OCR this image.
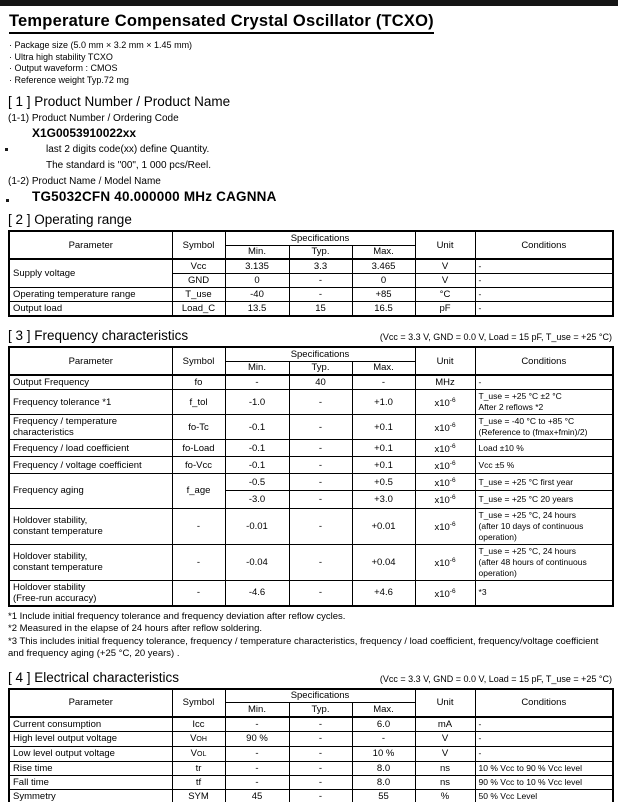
Temperature Compensated Crystal Oscillator (TCXO)
· Package size (5.0 mm × 3.2 mm × 1.45 mm)
· Ultra high stability TCXO
· Output waveform : CMOS
· Reference weight Typ.72 mg
[ 1 ] Product Number / Product Name
(1-1) Product Number / Ordering Code
X1G0053910022xx
last 2 digits code(xx) define Quantity.
The standard is "00", 1 000 pcs/Reel.
(1-2) Product Name / Model Name
TG5032CFN 40.000000 MHz CAGNNA
[ 2 ] Operating range
Parameter	Symbol	Specifications			Unit	Conditions
		Min.	Typ.	Max.		
Supply voltage	Vcc	3.135	3.3	3.465	V	-
	GND	0	-	0	V	-
Operating temperature range	T_use	-40	-	+85	°C	-
Output load	Load_C	13.5	15	16.5	pF	-
[ 3 ] Frequency characteristics	(Vcc = 3.3 V, GND = 0.0 V, Load = 15 pF, T_use = +25 °C)
Parameter	Symbol	Specifications			Unit	Conditions
		Min.	Typ.	Max.		
Output Frequency	fo	-	40	-	MHz	-
Frequency tolerance *1	f_tol	-1.0	-	+1.0	$x10^{-6}$	T_use = +25 °C ±2 °C
After 2 reflows *2

Frequency / temperature
characteristics	fo-Tc	-0.1	-	+0.1	$x10^{-6}$	T_use = -40 °C to +85 °C
(Reference to (fmax+fmin)/2)

Frequency / load coefficient	fo-Load	-0.1	-	+0.1	$x10^{-6}$	Load ±10 %
Frequency / voltage coefficient	fo-Vcc	-0.1	-	+0.1	$x10^{-6}$	Vcc ±5 %
Frequency aging	f_age	-0.5	-	+0.5	$x10^{-6}$	T_use = +25 °C first year
		-3.0	-	+3.0	$x10^{-6}$	T_use = +25 °C 20 years

Holdover stability,
constant temperature	-	-0.01	-	+0.01	$x10^{-6}$	
T_use = +25 °C, 24 hours
(after 10 days of continuous
operation)

Holdover stability,
constant temperature	-	-0.04	-	+0.04	$x10^{-6}$	
T_use = +25 °C, 24 hours
(after 48 hours of continuous
operation)

Holdover stability
(Free-run accuracy)	-	-4.6	-	+4.6	$x10^{-6}$	*3
*1 Include initial frequency tolerance and frequency deviation after reflow cycles.
*2 Measured in the elapse of 24 hours after reflow soldering.
*3 This includes initial frequency tolerance, frequency / temperature characteristics, frequency / load coefficient, frequency/voltage coefficient and frequency aging (+25 °C, 20 years) .
[ 4 ] Electrical characteristics	(Vcc = 3.3 V, GND = 0.0 V, Load = 15 pF, T_use = +25 °C)
Parameter	Symbol	Specifications			Unit	Conditions
		Min.	Typ.	Max.		
Current consumption	Icc	-	-	6.0	mA	-
High level output voltage	VOH	90 %	-	-	V	-
Low level output voltage	VOL	-	-	10 %	V	-
Rise time	tr	-	-	8.0	ns	10 % Vcc to 90 % Vcc level
Fall time	tf	-	-	8.0	ns	90 % Vcc to 10 % Vcc level
Symmetry	SYM	45	-	55	%	50 % Vcc Level
